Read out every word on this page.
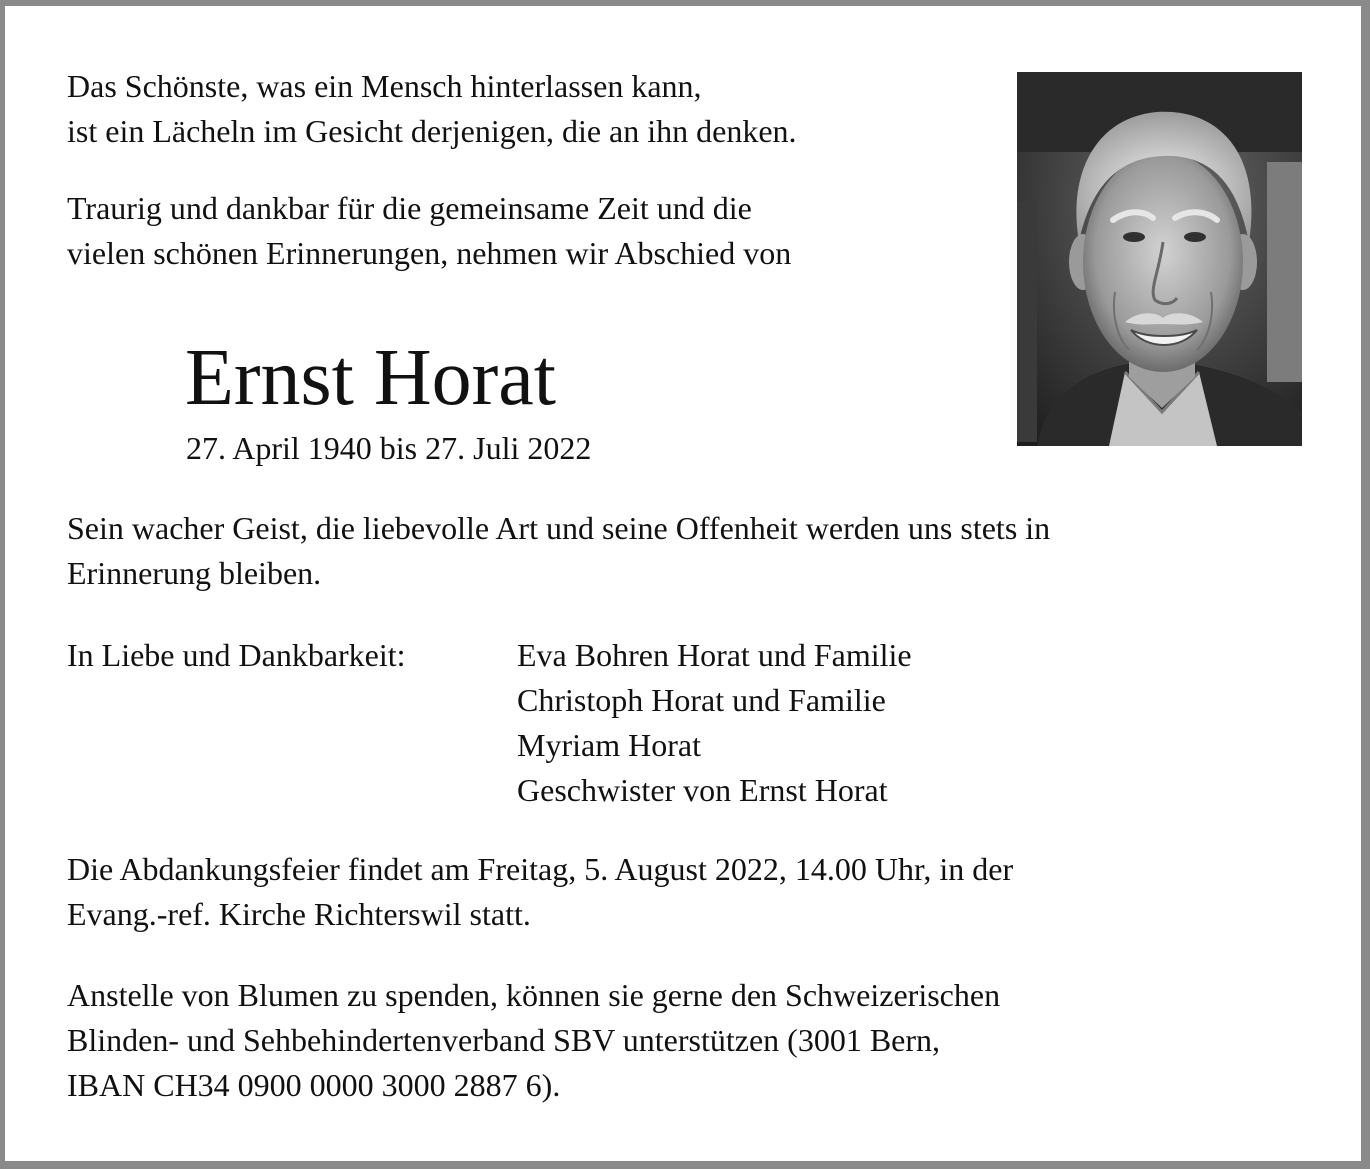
Das Schönste, was ein Mensch hinterlassen kann,
ist ein Lächeln im Gesicht derjenigen, die an ihn denken.

Traurig und dankbar für die gemeinsame Zeit und die
vielen schönen Erinnerungen, nehmen wir Abschied von

Ernst Horat
27. April 1940 bis 27. Juli 2022

Sein wacher Geist, die liebevolle Art und seine Offenheit werden uns stets in
Erinnerung bleiben.

In Liebe und Dankbarkeit:	Eva Bohren Horat und Familie
Christoph Horat und Familie
Myriam Horat
Geschwister von Ernst Horat

Die Abdankungsfeier findet am Freitag, 5. August 2022, 14.00 Uhr, in der
Evang.-ref. Kirche Richterswil statt.

Anstelle von Blumen zu spenden, können sie gerne den Schweizerischen
Blinden- und Sehbehindertenverband SBV unterstützen (3001 Bern,
IBAN CH34 0900 0000 3000 2887 6).
